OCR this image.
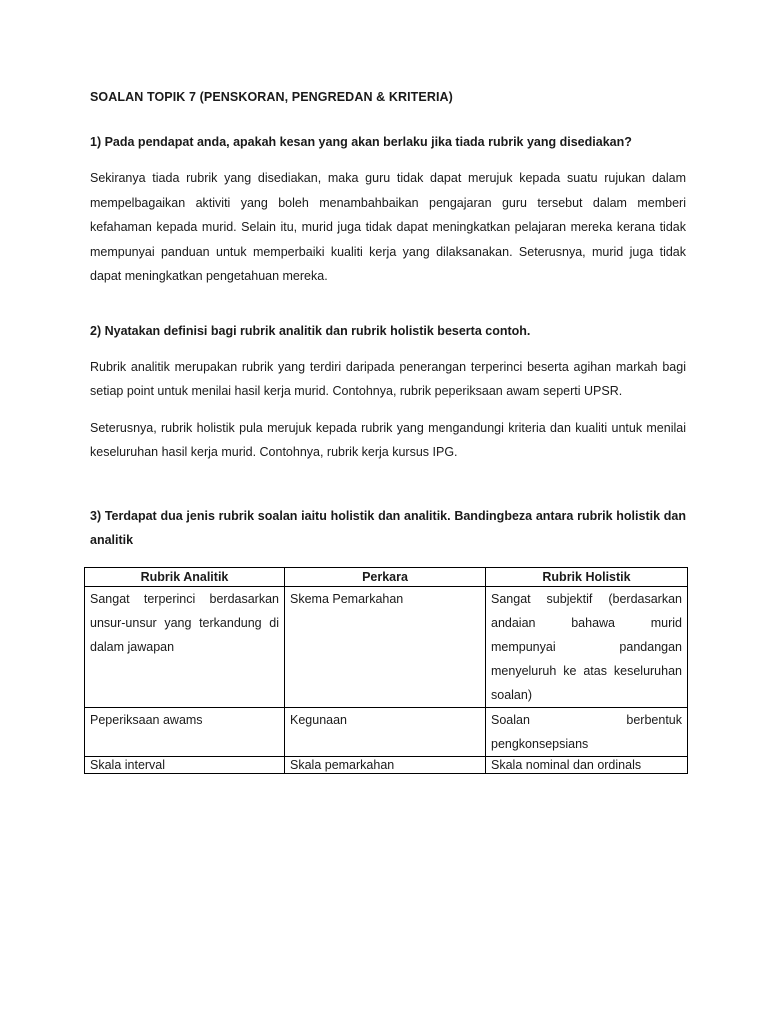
SOALAN TOPIK 7 (PENSKORAN, PENGREDAN & KRITERIA)
1) Pada pendapat anda, apakah kesan yang akan berlaku jika tiada rubrik yang disediakan?
Sekiranya tiada rubrik yang disediakan, maka guru tidak dapat merujuk kepada suatu rujukan dalam mempelbagaikan aktiviti yang boleh menambahbaikan pengajaran guru tersebut dalam memberi kefahaman kepada murid. Selain itu, murid juga tidak dapat meningkatkan pelajaran mereka kerana tidak mempunyai panduan untuk memperbaiki kualiti kerja yang dilaksanakan. Seterusnya, murid juga tidak dapat meningkatkan pengetahuan mereka.
2) Nyatakan definisi bagi rubrik analitik dan rubrik holistik beserta contoh.
Rubrik analitik merupakan rubrik yang terdiri daripada penerangan terperinci beserta agihan markah bagi setiap point untuk menilai hasil kerja murid. Contohnya, rubrik peperiksaan awam seperti UPSR.
Seterusnya, rubrik holistik pula merujuk kepada rubrik yang mengandungi kriteria dan kualiti untuk menilai keseluruhan hasil kerja murid. Contohnya, rubrik kerja kursus IPG.
3) Terdapat dua jenis rubrik soalan iaitu holistik dan analitik. Bandingbeza antara rubrik holistik dan analitik
Rubrik Analitik	Perkara	Rubrik Holistik
Sangat terperinci berdasarkan unsur-unsur yang terkandung di dalam jawapan	Skema Pemarkahan	Sangat subjektif (berdasarkan andaian bahawa murid mempunyai pandangan menyeluruh ke atas keseluruhan soalan)
Peperiksaan awams	Kegunaan	Soalan berbentuk pengkonsepsians
Skala interval	Skala pemarkahan	Skala nominal dan ordinals
